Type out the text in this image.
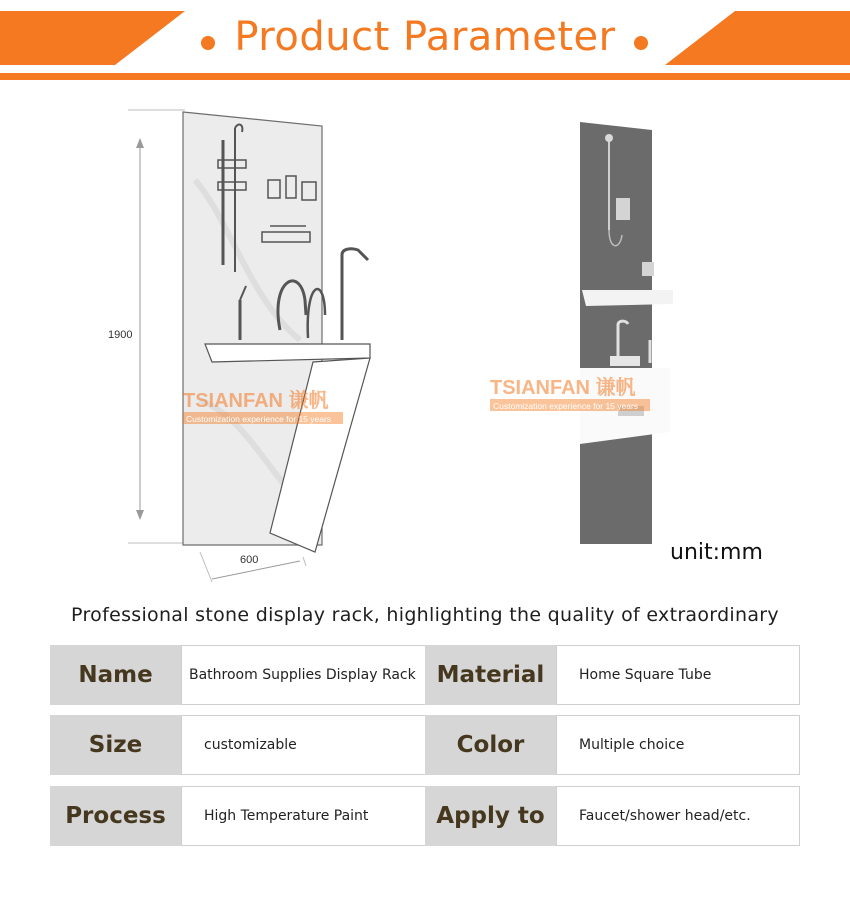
Product Parameter
1900
TSIANFAN 谦帆
Customization experience for 15 years
600
TSIANFAN 谦帆
Customization experience for 15 years
unit:mm
Professional stone display rack, highlighting the quality of extraordinary
Name	Bathroom Supplies Display Rack Material	Home Square Tube
Size	customizable	Color	Multiple choice
Process	High Temperature Paint	Apply to	Faucet/shower head/etc.
